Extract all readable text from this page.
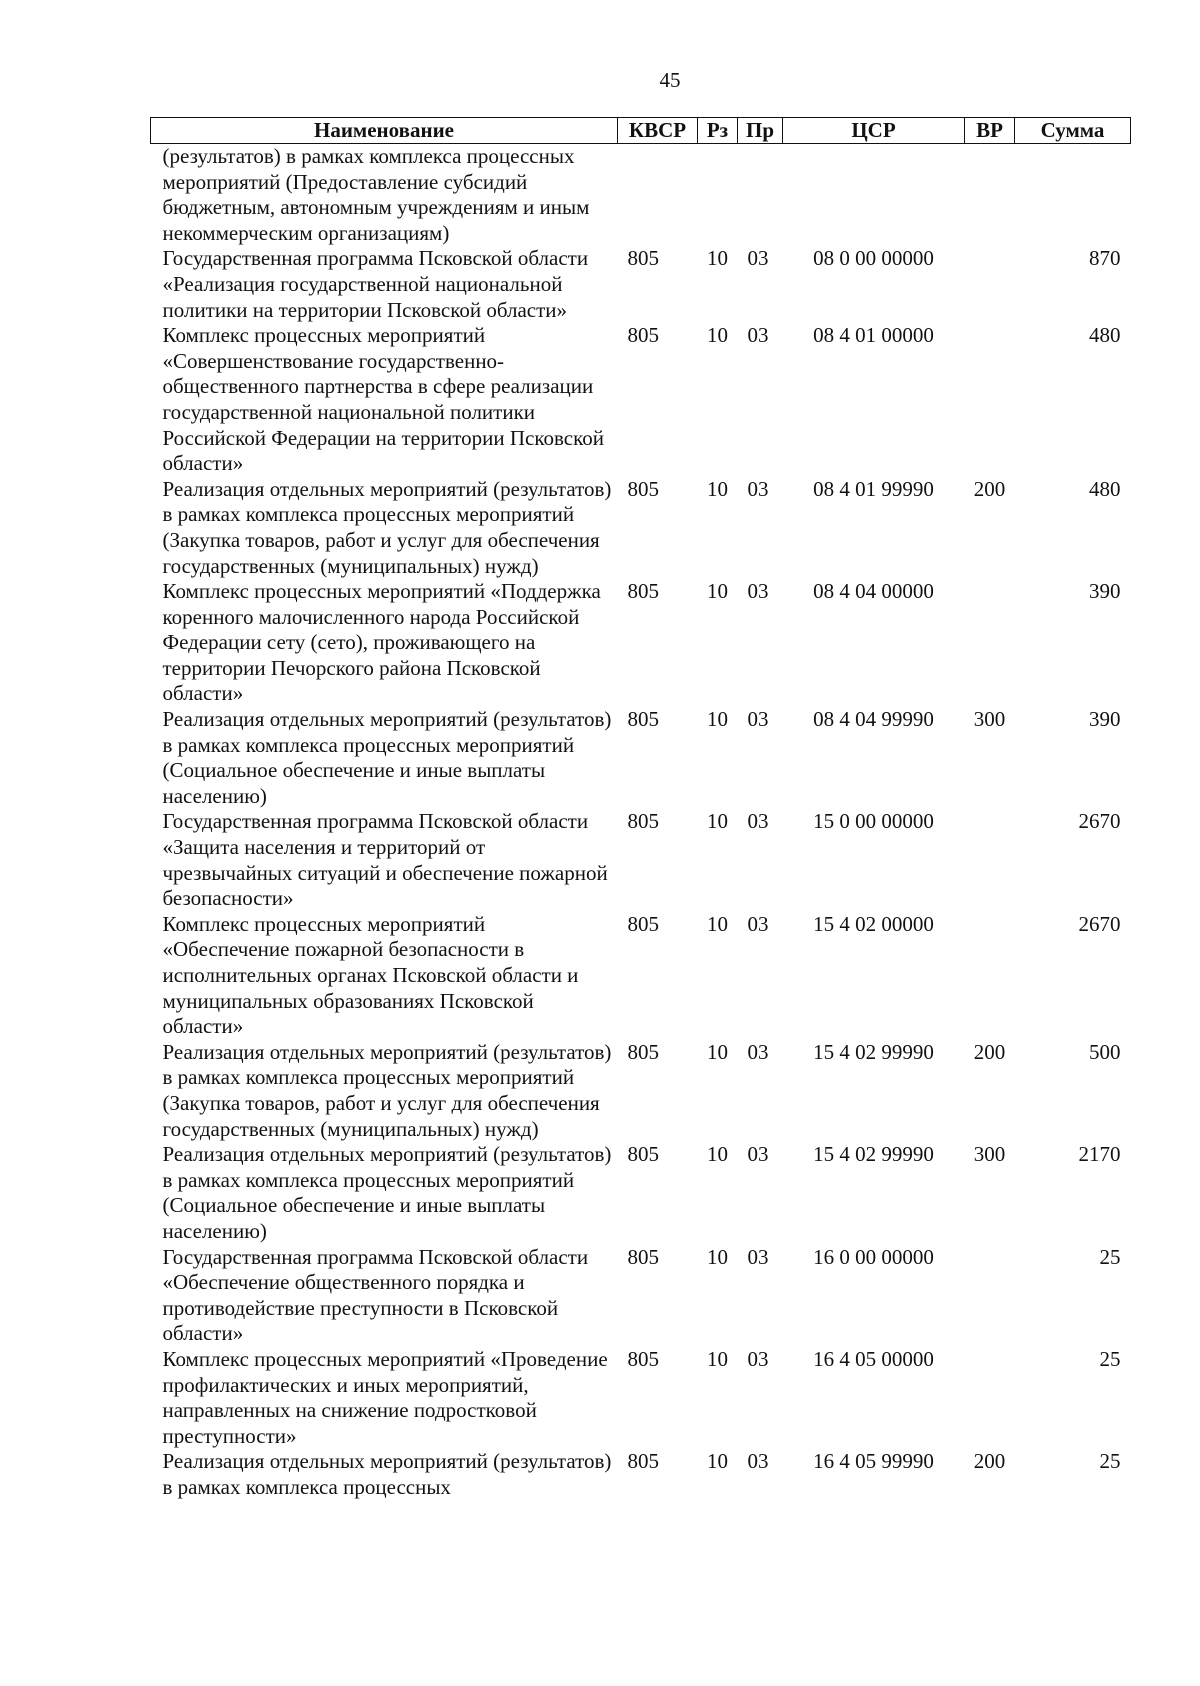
45
Наименование	КВСР	Рз	Пр	ЦСР	ВР	Сумма
(результатов) в рамках комплекса процессных мероприятий (Предоставление субсидий бюджетным, автономным учреждениям и иным некоммерческим организациям)						
Государственная программа Псковской области «Реализация государственной национальной политики на территории Псковской области»	805	10	03	08 0 00 00000		870
Комплекс процессных мероприятий «Совершенствование государственно-общественного партнерства в сфере реализации государственной национальной политики Российской Федерации на территории Псковской области»	805	10	03	08 4 01 00000		480
Реализация отдельных мероприятий (результатов) в рамках комплекса процессных мероприятий (Закупка товаров, работ и услуг для обеспечения государственных (муниципальных) нужд)	805	10	03	08 4 01 99990	200	480
Комплекс процессных мероприятий «Поддержка коренного малочисленного народа Российской Федерации сету (сето), проживающего на территории Печорского района Псковской области»	805	10	03	08 4 04 00000		390
Реализация отдельных мероприятий (результатов) в рамках комплекса процессных мероприятий (Социальное обеспечение и иные выплаты населению)	805	10	03	08 4 04 99990	300	390
Государственная программа Псковской области «Защита населения и территорий от чрезвычайных ситуаций и обеспечение пожарной безопасности»	805	10	03	15 0 00 00000		2670
Комплекс процессных мероприятий «Обеспечение пожарной безопасности в исполнительных органах Псковской области и муниципальных образованиях Псковской области»	805	10	03	15 4 02 00000		2670
Реализация отдельных мероприятий (результатов) в рамках комплекса процессных мероприятий (Закупка товаров, работ и услуг для обеспечения государственных (муниципальных) нужд)	805	10	03	15 4 02 99990	200	500
Реализация отдельных мероприятий (результатов) в рамках комплекса процессных мероприятий (Социальное обеспечение и иные выплаты населению)	805	10	03	15 4 02 99990	300	2170
Государственная программа Псковской области «Обеспечение общественного порядка и противодействие преступности в Псковской области»	805	10	03	16 0 00 00000		25
Комплекс процессных мероприятий «Проведение профилактических и иных мероприятий, направленных на снижение подростковой преступности»	805	10	03	16 4 05 00000		25
Реализация отдельных мероприятий (результатов) в рамках комплекса процессных	805	10	03	16 4 05 99990	200	25
